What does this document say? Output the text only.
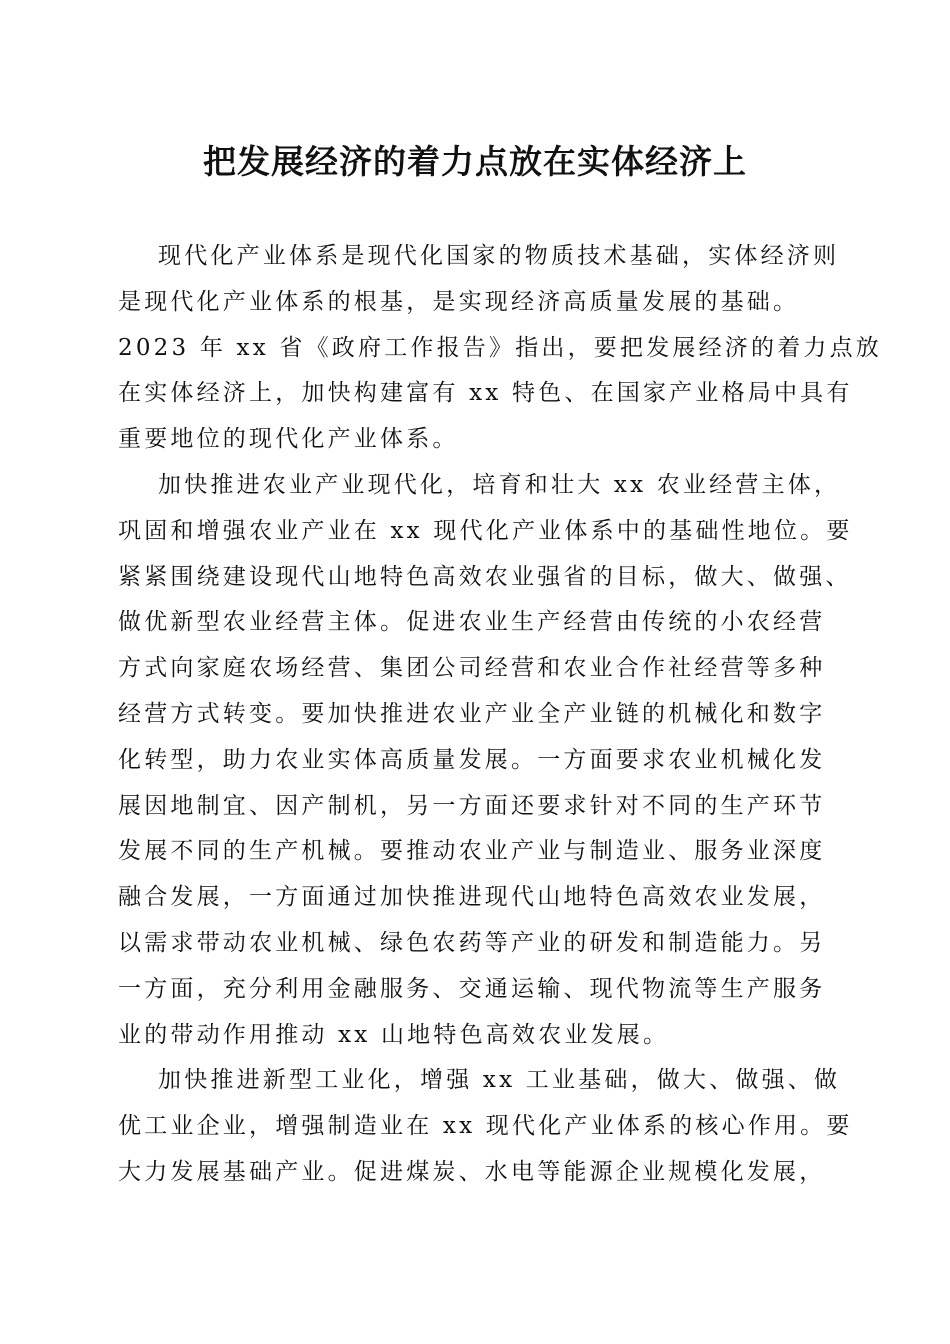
把发展经济的着力点放在实体经济上

现代化产业体系是现代化国家的物质技术基础，实体经济则
是现代化产业体系的根基，是实现经济高质量发展的基础。
2023 年 xx 省《政府工作报告》指出，要把发展经济的着力点放
在实体经济上，加快构建富有 xx 特色、在国家产业格局中具有
重要地位的现代化产业体系。

加快推进农业产业现代化，培育和壮大 xx 农业经营主体，
巩固和增强农业产业在 xx 现代化产业体系中的基础性地位。要
紧紧围绕建设现代山地特色高效农业强省的目标，做大、做强、
做优新型农业经营主体。促进农业生产经营由传统的小农经营
方式向家庭农场经营、集团公司经营和农业合作社经营等多种
经营方式转变。要加快推进农业产业全产业链的机械化和数字
化转型，助力农业实体高质量发展。一方面要求农业机械化发
展因地制宜、因产制机，另一方面还要求针对不同的生产环节
发展不同的生产机械。要推动农业产业与制造业、服务业深度
融合发展，一方面通过加快推进现代山地特色高效农业发展，
以需求带动农业机械、绿色农药等产业的研发和制造能力。另
一方面，充分利用金融服务、交通运输、现代物流等生产服务
业的带动作用推动 xx 山地特色高效农业发展。

加快推进新型工业化，增强 xx 工业基础，做大、做强、做
优工业企业，增强制造业在 xx 现代化产业体系的核心作用。要
大力发展基础产业。促进煤炭、水电等能源企业规模化发展，
